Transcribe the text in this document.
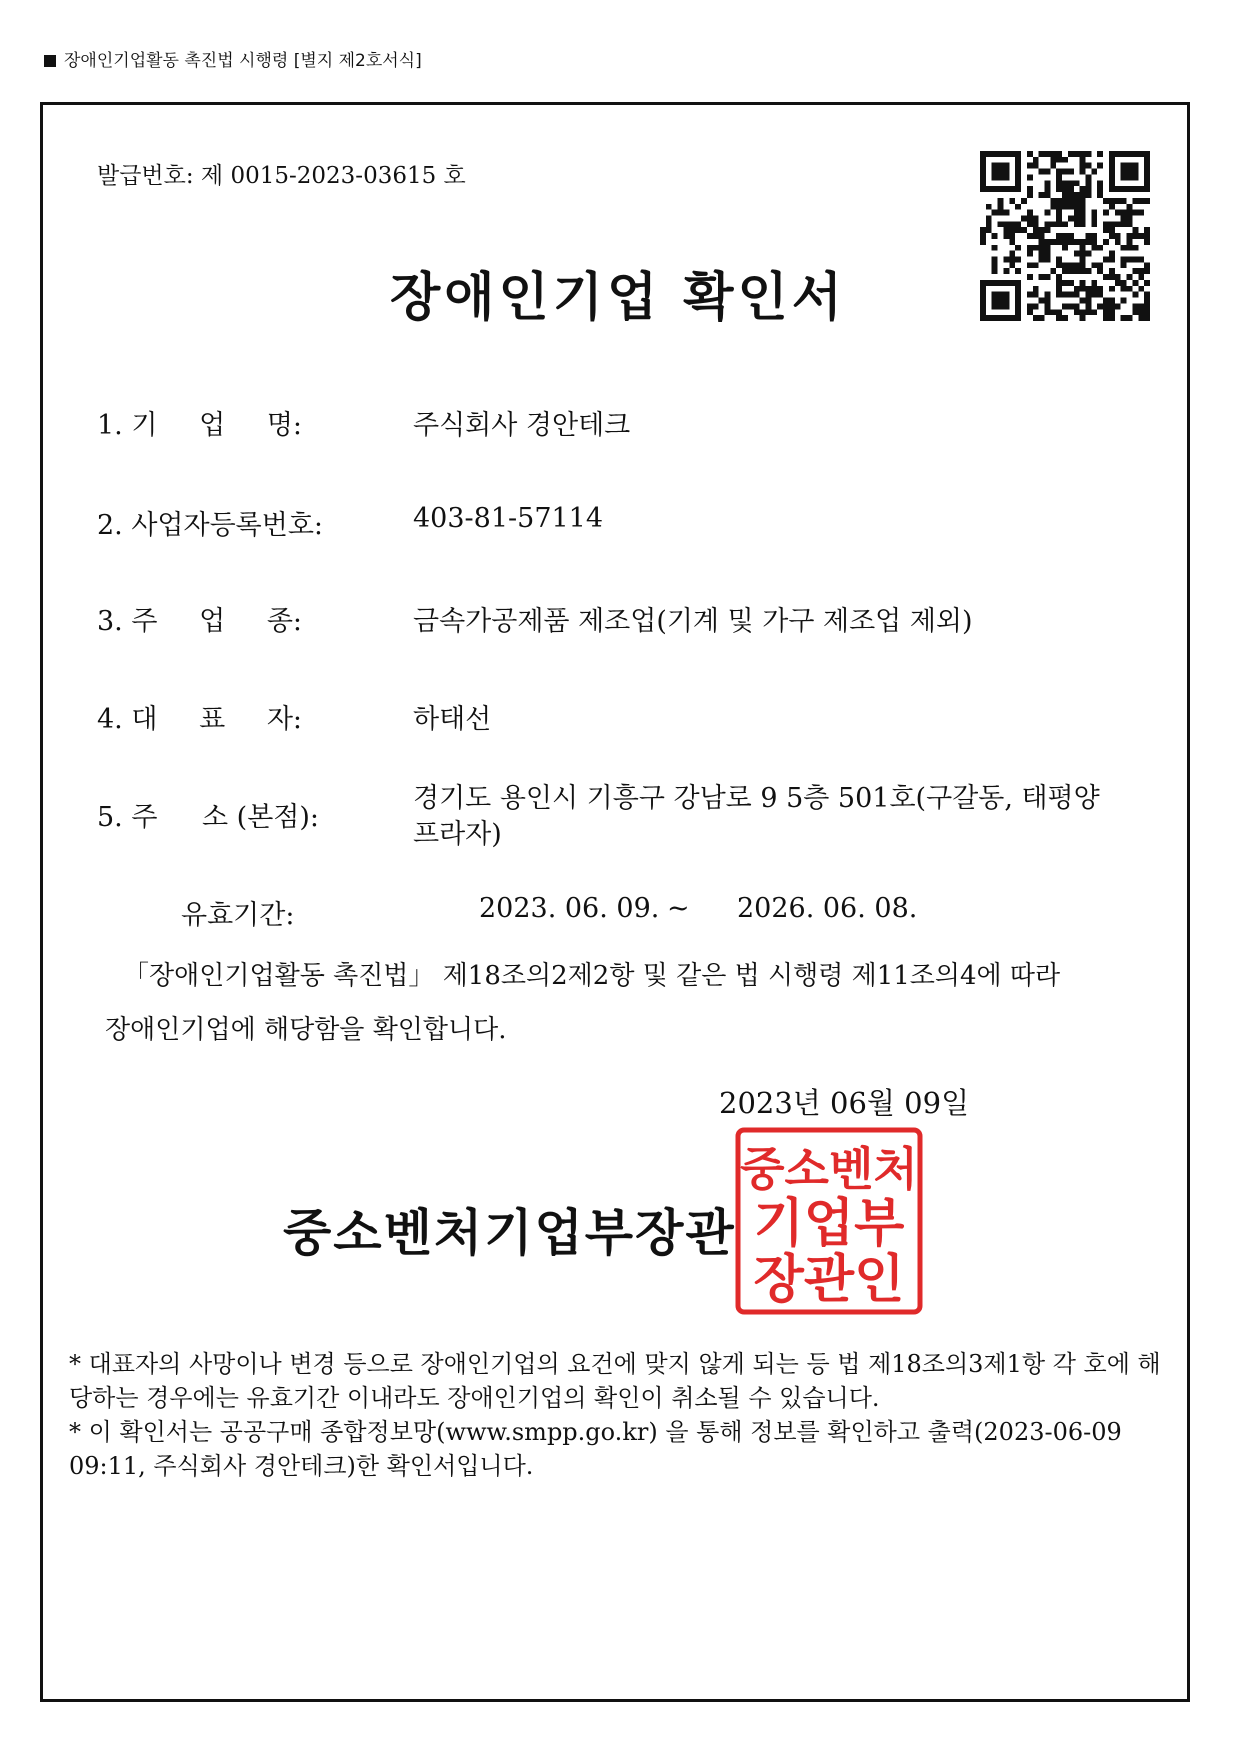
장애인기업활동 촉진법 시행령 [별지 제2호서식]
발급번호: 제 0015-2023-03615 호
장애인기업 확인서
1. 기 업 명:	주식회사 경안테크
2. 사업자등록번호:	403-81-57114
3. 주 업 종:	금속가공제품 제조업(기계 및 가구 제조업 제외)
4. 대 표 자:	하태선
5. 주 소 (본점):
경기도 용인시 기흥구 강남로 9 5층 501호(구갈동, 태평양프라자)
유효기간:	2023. 06. 09. ~ 2026. 06. 08.
「장애인기업활동 촉진법」 제18조의2제2항 및 같은 법 시행령 제11조의4에 따라
장애인기업에 해당함을 확인합니다.
2023년 06월 09일
중소벤처기업부장관
중소벤처
기업부
장관인

* 대표자의 사망이나 변경 등으로 장애인기업의 요건에 맞지 않게 되는 등 법 제18조의3제1항 각 호에 해당하는 경우에는 유효기간 이내라도 장애인기업의 확인이 취소될 수 있습니다.

* 이 확인서는 공공구매 종합정보망(www.smpp.go.kr) 을 통해 정보를 확인하고 출력(2023-06-09 09:11, 주식회사 경안테크)한 확인서입니다.
